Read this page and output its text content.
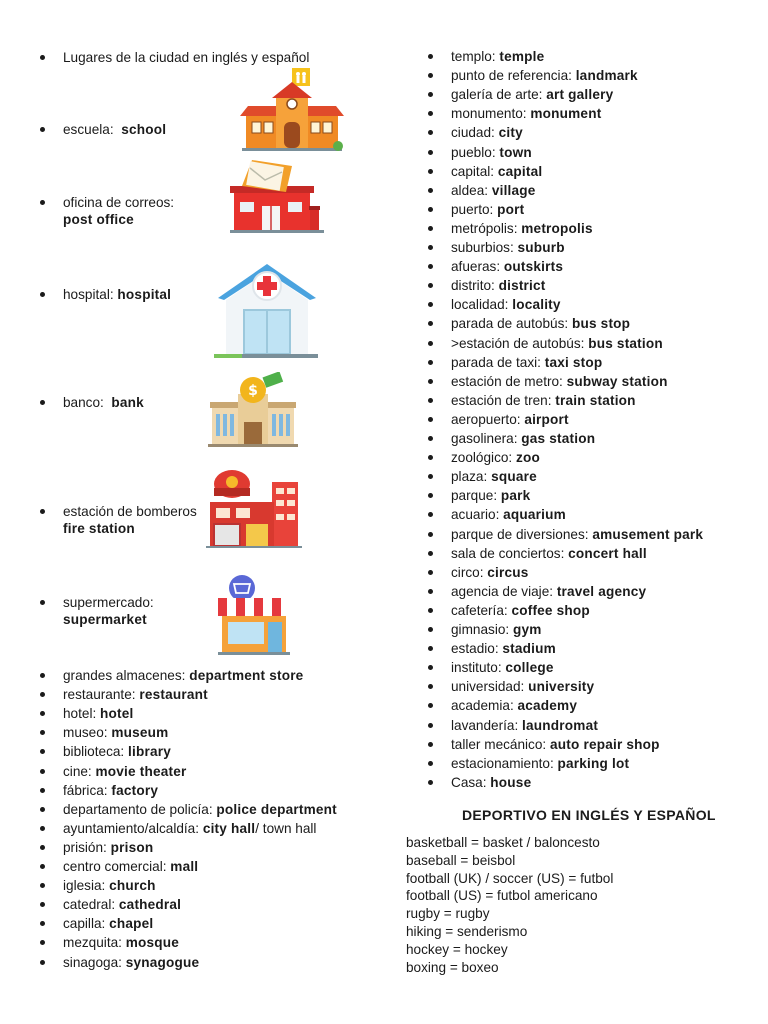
Lugares de la ciudad en inglés y español
escuela: school
oficina de correos:
post office
hospital: hospital
banco: bank
estación de bomberos
fire station
supermercado:
supermarket
$
grandes almacenes: department store
restaurante: restaurant
hotel: hotel
museo: museum
biblioteca: library
cine: movie theater
fábrica: factory
departamento de policía: police department
ayuntamiento/alcaldía: city hall/ town hall
prisión: prison
centro comercial: mall
iglesia: church
catedral: cathedral
capilla: chapel
mezquita: mosque
sinagoga: synagogue
templo: temple
punto de referencia: landmark
galería de arte: art gallery
monumento: monument
ciudad: city
pueblo: town
capital: capital
aldea: village
puerto: port
metrópolis: metropolis
suburbios: suburb
afueras: outskirts
distrito: district
localidad: locality
parada de autobús: bus stop
>estación de autobús: bus station
parada de taxi: taxi stop
estación de metro: subway station
estación de tren: train station
aeropuerto: airport
gasolinera: gas station
zoológico: zoo
plaza: square
parque: park
acuario: aquarium
parque de diversiones: amusement park
sala de conciertos: concert hall
circo: circus
agencia de viaje: travel agency
cafetería: coffee shop
gimnasio: gym
estadio: stadium
instituto: college
universidad: university
academia: academy
lavandería: laundromat
taller mecánico: auto repair shop
estacionamiento: parking lot
Casa: house
DEPORTIVO EN INGLÉS Y ESPAÑOL
basketball = basket / baloncesto
baseball = beisbol
football (UK) / soccer (US) = futbol
football (US) = futbol americano
rugby = rugby
hiking = senderismo
hockey = hockey
boxing = boxeo
